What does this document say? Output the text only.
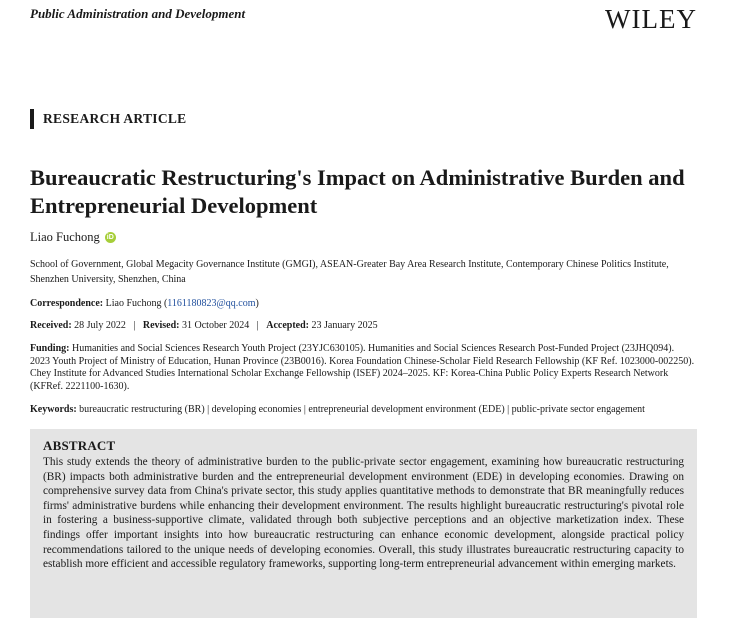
Public Administration and Development	WILEY
RESEARCH ARTICLE
Bureaucratic Restructuring's Impact on Administrative Burden and Entrepreneurial Development
Liao Fuchong iD
School of Government, Global Megacity Governance Institute (GMGI), ASEAN-Greater Bay Area Research Institute, Contemporary Chinese Politics Institute, Shenzhen University, Shenzhen, China
Correspondence: Liao Fuchong (1161180823@qq.com)
Received: 28 July 2022 | Revised: 31 October 2024 | Accepted: 23 January 2025
Funding: Humanities and Social Sciences Research Youth Project (23YJC630105). Humanities and Social Sciences Research Post-Funded Project (23JHQ094). 2023 Youth Project of Ministry of Education, Hunan Province (23B0016). Korea Foundation Chinese-Scholar Field Research Fellowship (KF Ref. 1023000-002250). Chey Institute for Advanced Studies International Scholar Exchange Fellowship (ISEF) 2024–2025. KF: Korea-China Public Policy Experts Research Network (KFRef. 2221100-1630).
Keywords: bureaucratic restructuring (BR) | developing economies | entrepreneurial development environment (EDE) | public-private sector engagement
ABSTRACT

This study extends the theory of administrative burden to the public-private sector engagement, examining how bureaucratic restructuring (BR) impacts both administrative burden and the entrepreneurial development environment (EDE) in developing economies. Drawing on comprehensive survey data from China's private sector, this study applies quantitative methods to demonstrate that BR meaningfully reduces firms' administrative burdens while enhancing their development environment. The results highlight bureaucratic restructuring's pivotal role in fostering a business-supportive climate, validated through both subjective perceptions and an objective marketization index. These findings offer important insights into how bureaucratic restructuring can enhance economic development, alongside practical policy recommendations tailored to the unique needs of developing economies. Overall, this study illustrates bureaucratic restructuring capacity to establish more efficient and accessible regulatory frameworks, supporting long-term entrepreneurial advancement within emerging markets.
